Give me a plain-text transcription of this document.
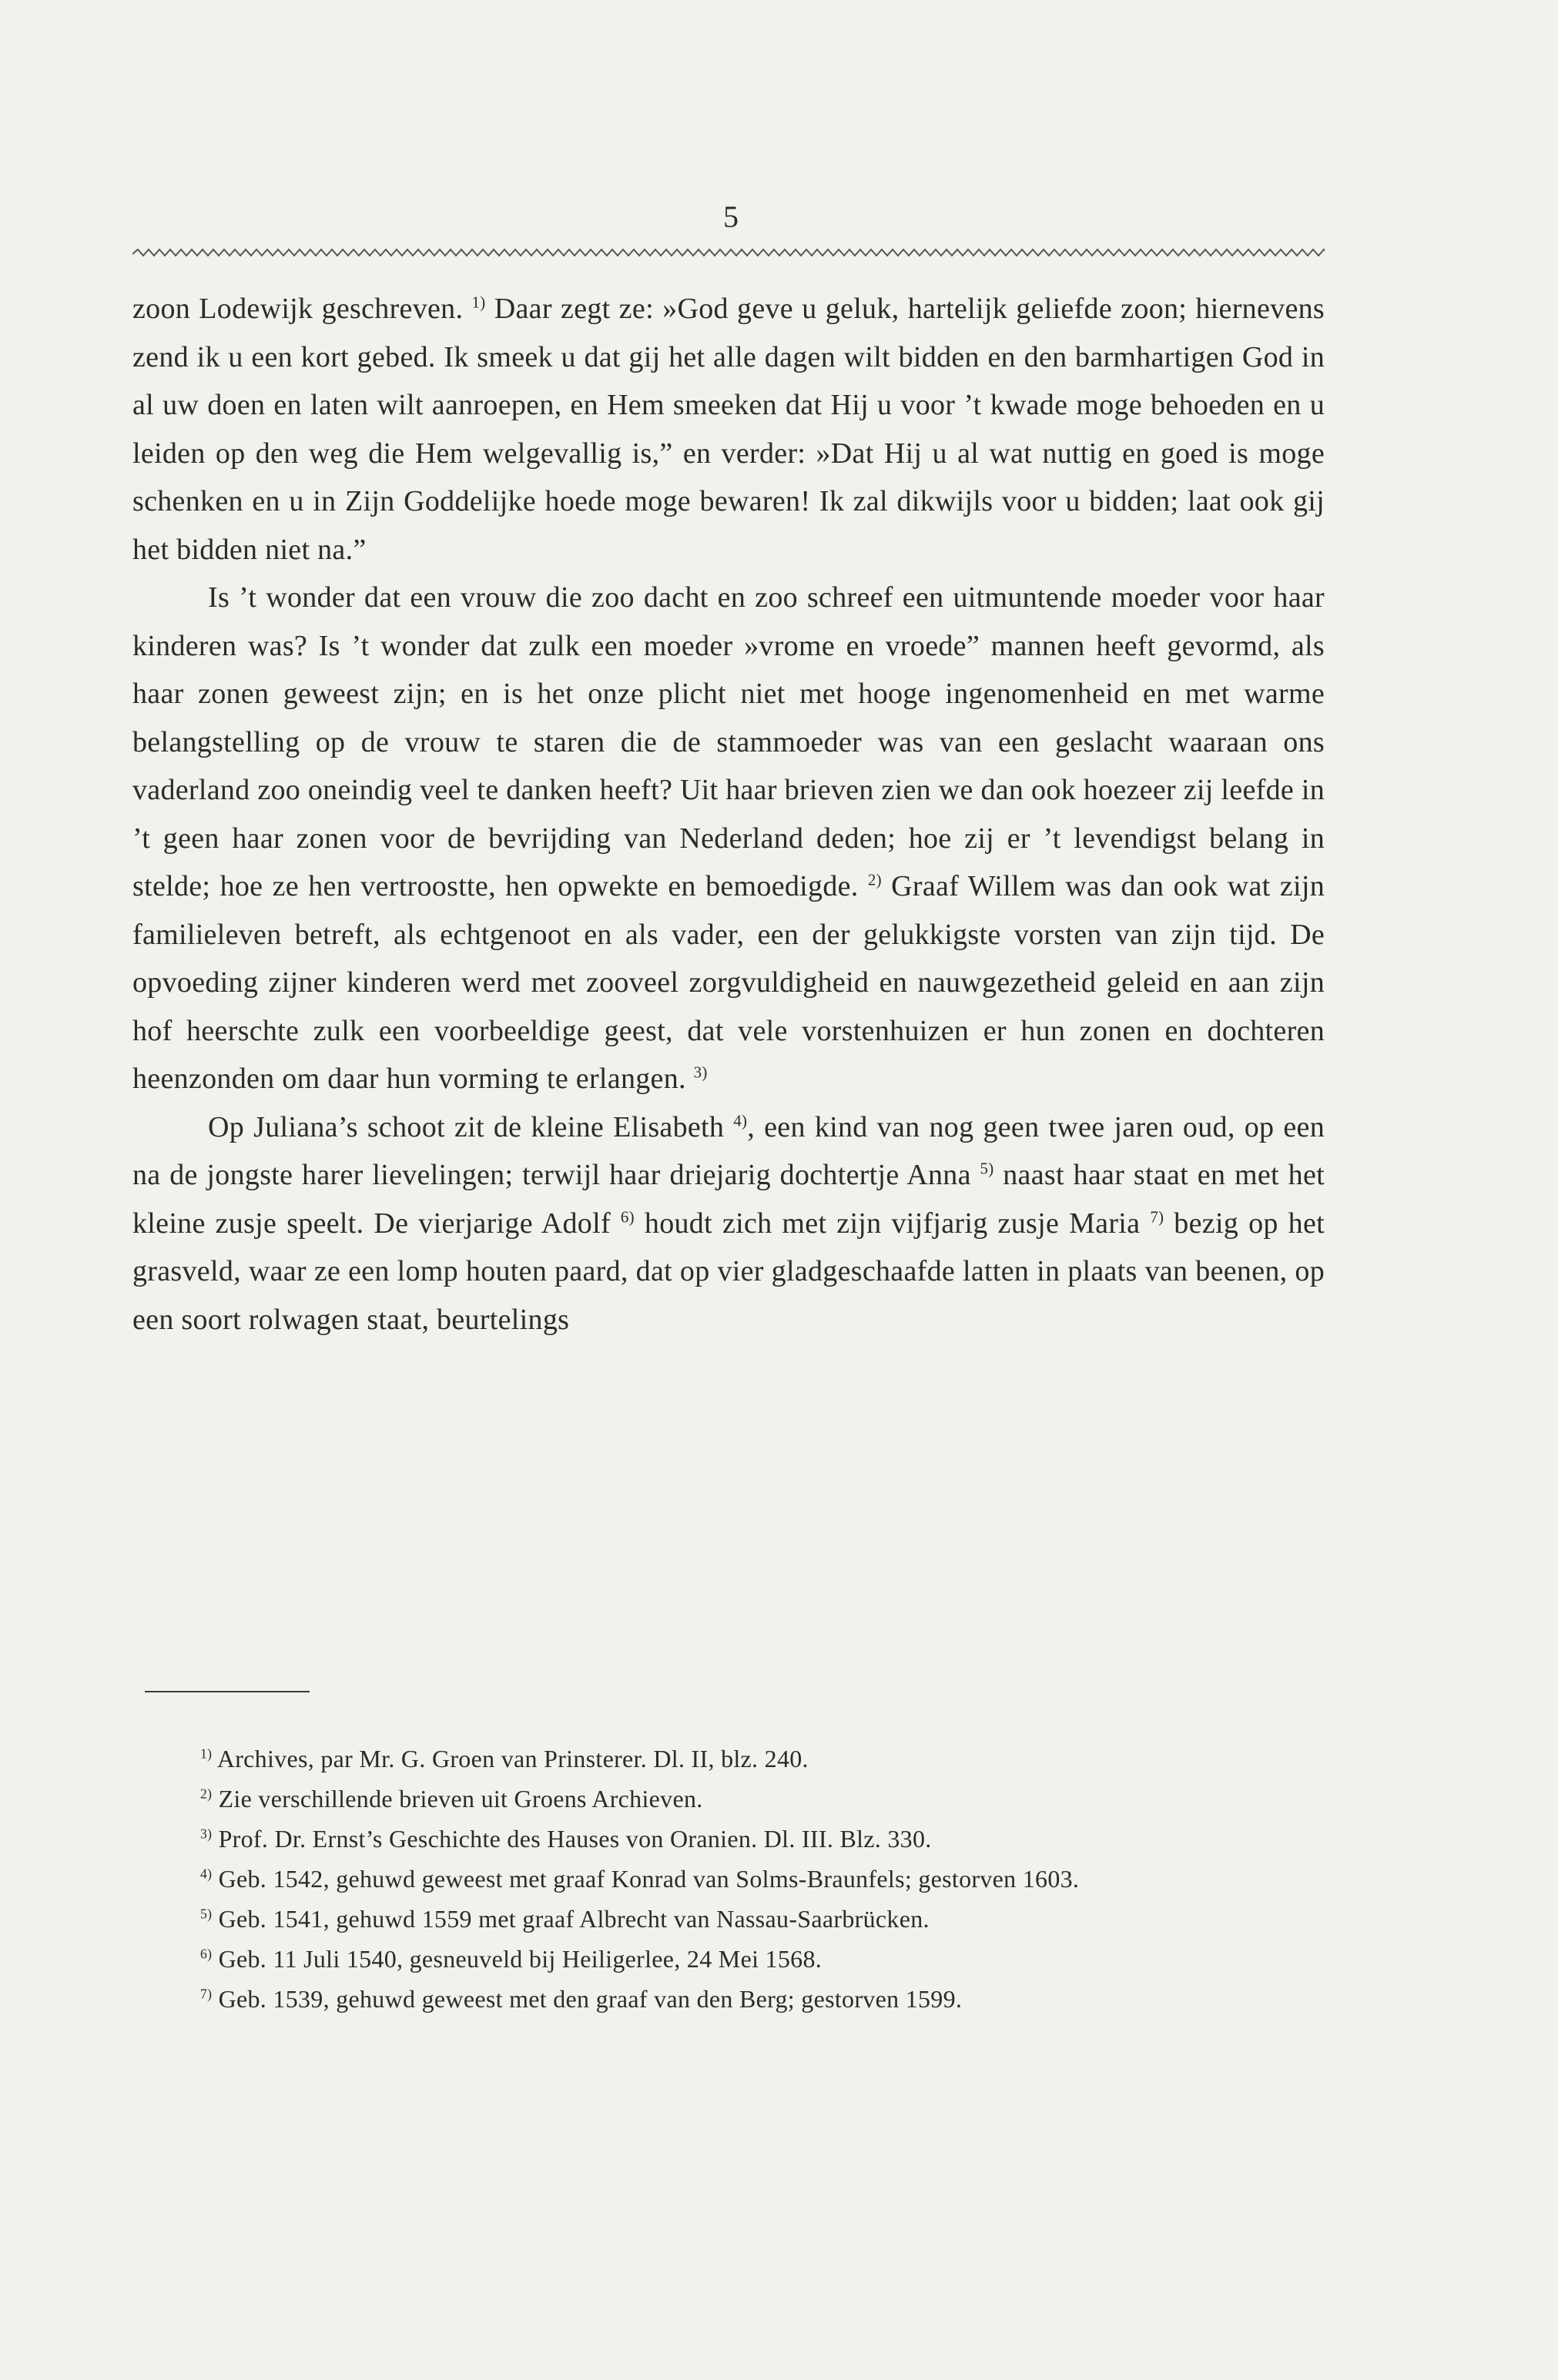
5

zoon Lodewijk geschreven. $^{1)}$ Daar zegt ze: »God geve u geluk, hartelijk geliefde zoon; hiernevens zend ik u een kort gebed. Ik smeek u dat gij het alle dagen wilt bidden en den barmhartigen God in al uw doen en laten wilt aanroepen, en Hem smeeken dat Hij u voor ’t kwade moge behoeden en u leiden op den weg die Hem welgevallig is,” en verder: »Dat Hij u al wat nuttig en goed is moge schenken en u in Zijn Goddelijke hoede moge bewaren! Ik zal dikwijls voor u bidden; laat ook gij het bidden niet na.”

Is ’t wonder dat een vrouw die zoo dacht en zoo schreef een uitmuntende moeder voor haar kinderen was? Is ’t wonder dat zulk een moeder »vrome en vroede” mannen heeft gevormd, als haar zonen geweest zijn; en is het onze plicht niet met hooge ingenomenheid en met warme belangstelling op de vrouw te staren die de stammoeder was van een geslacht waaraan ons vaderland zoo oneindig veel te danken heeft? Uit haar brieven zien we dan ook hoezeer zij leefde in ’t geen haar zonen voor de bevrijding van Nederland deden; hoe zij er ’t levendigst belang in stelde; hoe ze hen vertroostte, hen opwekte en bemoedigde. $^{2)}$ Graaf Willem was dan ook wat zijn familieleven betreft, als echtgenoot en als vader, een der gelukkigste vorsten van zijn tijd. De opvoeding zijner kinderen werd met zooveel zorgvuldigheid en nauwgezetheid geleid en aan zijn hof heerschte zulk een voorbeeldige geest, dat vele vorstenhuizen er hun zonen en dochteren heenzonden om daar hun vorming te erlangen. $^{3)}$

Op Juliana’s schoot zit de kleine Elisabeth $^{4)}$, een kind van nog geen twee jaren oud, op een na de jongste harer lievelingen; terwijl haar driejarig dochtertje Anna $^{5)}$ naast haar staat en met het kleine zusje speelt. De vierjarige Adolf $^{6)}$ houdt zich met zijn vijfjarig zusje Maria $^{7)}$ bezig op het grasveld, waar ze een lomp houten paard, dat op vier gladgeschaafde latten in plaats van beenen, op een soort rolwagen staat, beurtelings

$^{1)}$ Archives, par Mr. G. Groen van Prinsterer. Dl. II, blz. 240.

$^{2)}$ Zie verschillende brieven uit Groens Archieven.

$^{3)}$ Prof. Dr. Ernst’s Geschichte des Hauses von Oranien. Dl. III. Blz. 330.

$^{4)}$ Geb. 1542, gehuwd geweest met graaf Konrad van Solms-Braunfels; gestorven 1603.

$^{5)}$ Geb. 1541, gehuwd 1559 met graaf Albrecht van Nassau-Saarbrücken.

$^{6)}$ Geb. 11 Juli 1540, gesneuveld bij Heiligerlee, 24 Mei 1568.

$^{7)}$ Geb. 1539, gehuwd geweest met den graaf van den Berg; gestorven 1599.
